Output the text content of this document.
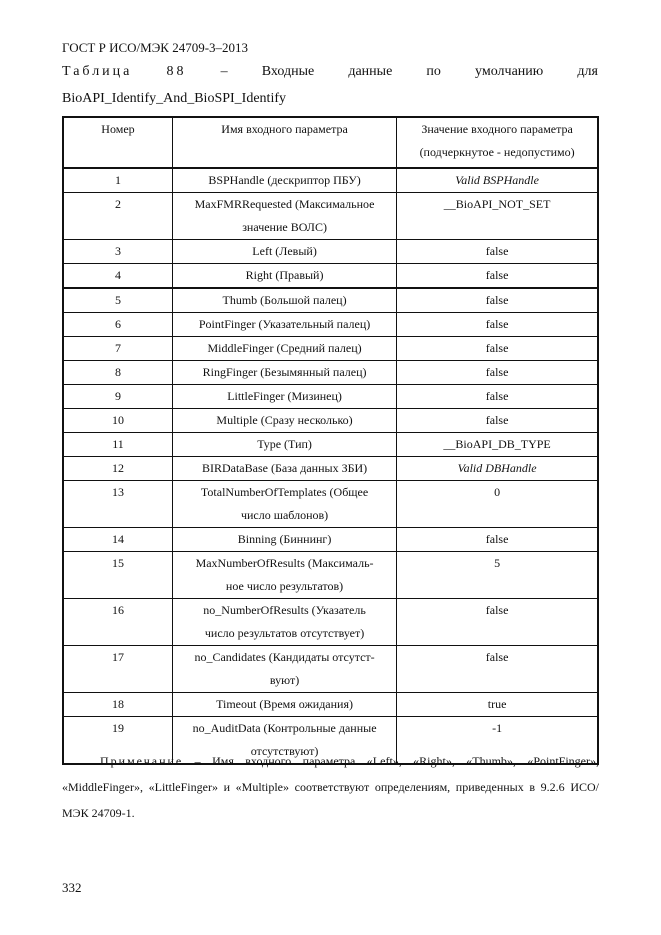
ГОСТ Р ИСО/МЭК 24709-3–2013
Таблица 88 – Входные данные по умолчанию для
BioAPI_Identify_And_BioSPI_Identify
Номер	Имя входного параметра	Значение входного параметра
(подчеркнутое - недопустимо)

1	BSPHandle (дескриптор ПБУ)	Valid BSPHandle
2	MaxFMRRequested (Максимальное
значение ВОЛС)	__BioAPI_NOT_SET
3	Left (Левый)	false
4	Right (Правый)	false
5	Thumb (Большой палец)	false
6	PointFinger (Указательный палец)	false
7	MiddleFinger (Средний палец)	false
8	RingFinger (Безымянный палец)	false
9	LittleFinger (Мизинец)	false
10	Multiple (Сразу несколько)	false
11	Type (Тип)	__BioAPI_DB_TYPE
12	BIRDataBase (База данных ЗБИ)	Valid DBHandle
13	TotalNumberOfTemplates (Общее
число шаблонов)	0
14	Binning (Биннинг)	false
15	MaxNumberOfResults (Максималь-
ное число результатов)	5
16	no_NumberOfResults (Указатель
число результатов отсутствует)	false
17	no_Candidates (Кандидаты отсутст-
вуют)	false
18	Timeout (Время ожидания)	true
19	no_AuditData (Контрольные данные
отсутствуют)	-1
Примечание – Имя входного параметра «Left», «Right», «Thumb», «PointFinger», «MiddleFinger», «LittleFinger» и «Multiple» соответствуют определениям, приведенных в 9.2.6 ИСО/МЭК 24709-1.
332
